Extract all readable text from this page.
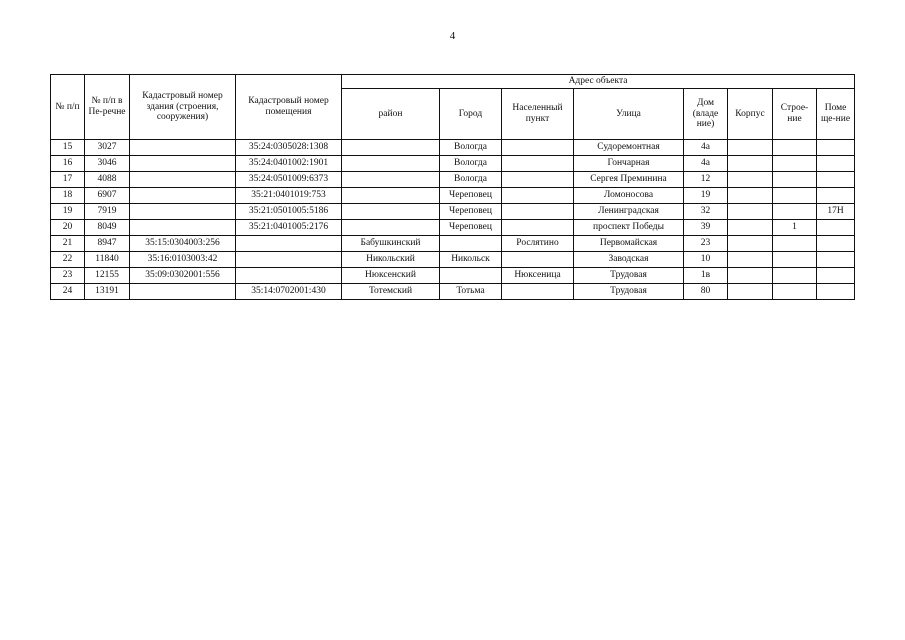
4
№ п/п	№ п/п в Пе-речне	Кадастровый номер здания (строения, сооружения)	Кадастровый номер помещения	Адрес объекта							
				район	Город	Населенный пункт	Улица	Дом (владе ние)	Корпус	Строе-ние	Поме ще-ние
15	3027		35:24:0305028:1308		Вологда		Судоремонтная	4а			
16	3046		35:24:0401002:1901		Вологда		Гончарная	4а			
17	4088		35:24:0501009:6373		Вологда		Сергея Преминина	12			
18	6907		35:21:0401019:753		Череповец		Ломоносова	19			
19	7919		35:21:0501005:5186		Череповец		Ленинградская	32			17Н
20	8049		35:21:0401005:2176		Череповец		проспект Победы	39		1	
21	8947	35:15:0304003:256		Бабушкинский		Рослятино	Первомайская	23			
22	11840	35:16:0103003:42		Никольский	Никольск		Заводская	10			
23	12155	35:09:0302001:556		Нюксенский		Нюксеница	Трудовая	1в			
24	13191		35:14:0702001:430	Тотемский	Тотьма		Трудовая	80			
